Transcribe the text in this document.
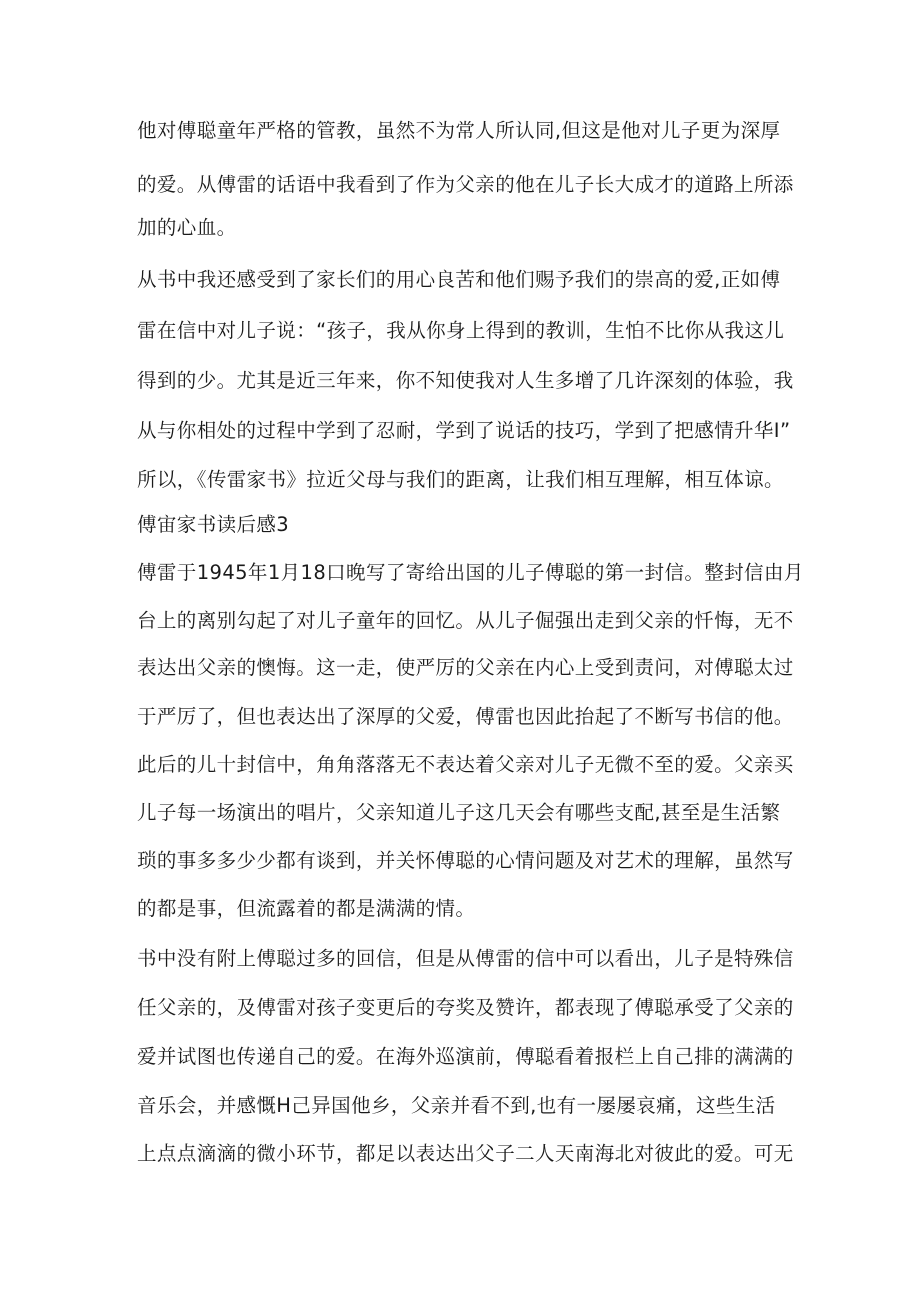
他对傅聪童年严格的管教，虽然不为常人所认同,但这是他对儿子更为深厚
的爱。从傅雷的话语中我看到了作为父亲的他在儿子长大成才的道路上所添
加的心血。
从书中我还感受到了家长们的用心良苦和他们赐予我们的崇高的爱,正如傅
雷在信中对儿子说：“孩子，我从你身上得到的教训，生怕不比你从我这儿
得到的少。尤其是近三年来，你不知使我对人生多增了几许深刻的体验，我
从与你相处的过程中学到了忍耐，学到了说话的技巧，学到了把感情升华I”
所以，《传雷家书》拉近父母与我们的距离，让我们相互理解，相互体谅。
傅宙家书读后感3
傅雷于1945年1月18口晚写了寄给出国的儿子傅聪的第一封信。整封信由月
台上的离别勾起了对儿子童年的回忆。从儿子倔强出走到父亲的忏悔，无不
表达出父亲的懊悔。这一走，使严厉的父亲在内心上受到责问，对傅聪太过
于严厉了，但也表达出了深厚的父爱，傅雷也因此抬起了不断写书信的他。
此后的儿十封信中，角角落落无不表达着父亲对儿子无微不至的爱。父亲买
儿子每一场演出的唱片，父亲知道儿子这几天会有哪些支配,甚至是生活繁
琐的事多多少少都有谈到，并关怀傅聪的心情问题及对艺术的理解，虽然写
的都是事，但流露着的都是满满的情。
书中没有附上傅聪过多的回信，但是从傅雷的信中可以看出，儿子是特殊信
任父亲的，及傅雷对孩子变更后的夸奖及赞许，都表现了傅聪承受了父亲的
爱并试图也传递自己的爱。在海外巡演前，傅聪看着报栏上自己排的满满的
音乐会，并感慨H己异国他乡，父亲并看不到,也有一屡屡哀痛，这些生活
上点点滴滴的微小环节，都足以表达出父子二人天南海北对彼此的爱。可无
